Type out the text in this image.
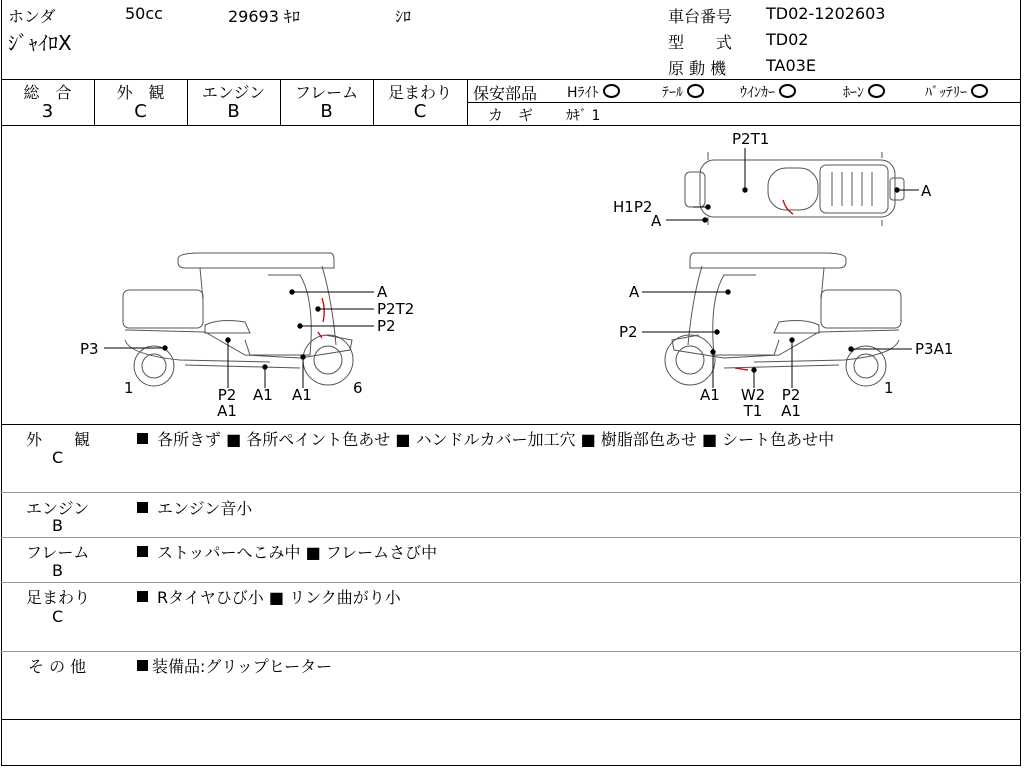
ホンダ	50cc	29693 ｷﾛ	ｼﾛ
ｼﾞｬｲﾛX
車台番号 TD02-1202603
型　　式 TD02
原 動 機 TA03E
総　合
3
外　観
C
エンジン
B
フレーム
B
足まわり
C
保安部品 Hﾗｲﾄ	ﾃｰﾙ	ｳｲﾝｶｰ	ﾎｰﾝ	ﾊﾞｯﾃﾘｰ
カ　ギ ｶｷﾞ 1
P2T1
H1P2
A
A
A
P2T2
P2
P3
1	P2
A1
A1 A1	6
A
P2
P3A1
1
A1 W2
T1
P2
A1
外　　観
C
各所きず ■ 各所ペイント色あせ ■ ハンドルカバー加工穴 ■ 樹脂部色あせ ■ シート色あせ中
エンジン
B
エンジン音小
フレーム
B
ストッパーへこみ中 ■ フレームさび中
足まわり
C
Rタイヤひび小 ■ リンク曲がり小
そ の 他	装備品:グリップヒーター
